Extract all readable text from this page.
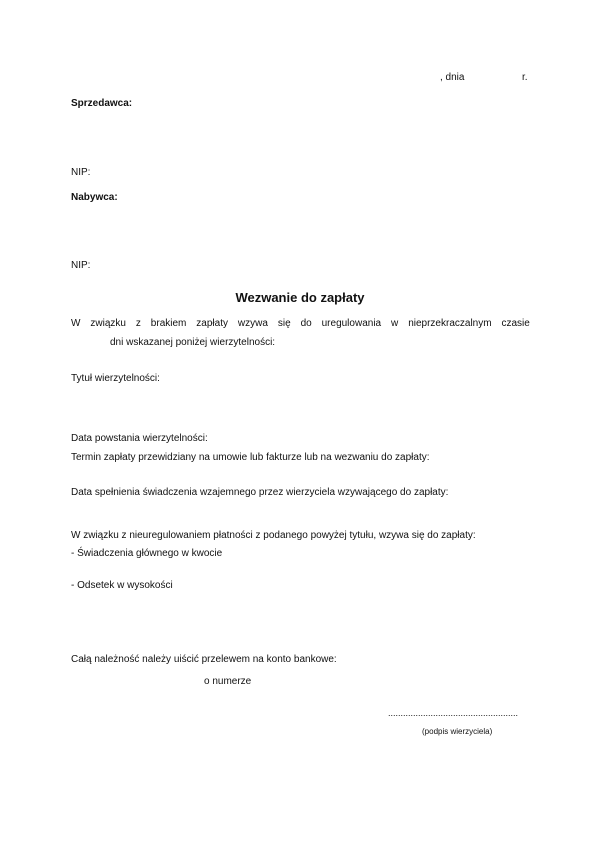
, dnia	r.
Sprzedawca:
NIP:
Nabywca:
NIP:
Wezwanie do zapłaty
W związku z brakiem zapłaty wzywa się do uregulowania w nieprzekraczalnym czasie
dni wskazanej poniżej wierzytelności:
Tytuł wierzytelności:
Data powstania wierzytelności:
Termin zapłaty przewidziany na umowie lub fakturze lub na wezwaniu do zapłaty:
Data spełnienia świadczenia wzajemnego przez wierzyciela wzywającego do zapłaty:
W związku z nieuregulowaniem płatności z podanego powyżej tytułu, wzywa się do zapłaty:
- Świadczenia głównego w kwocie
- Odsetek w wysokości
Całą należność należy uiścić przelewem na konto bankowe:
o numerze
....................................................
(podpis wierzyciela)
